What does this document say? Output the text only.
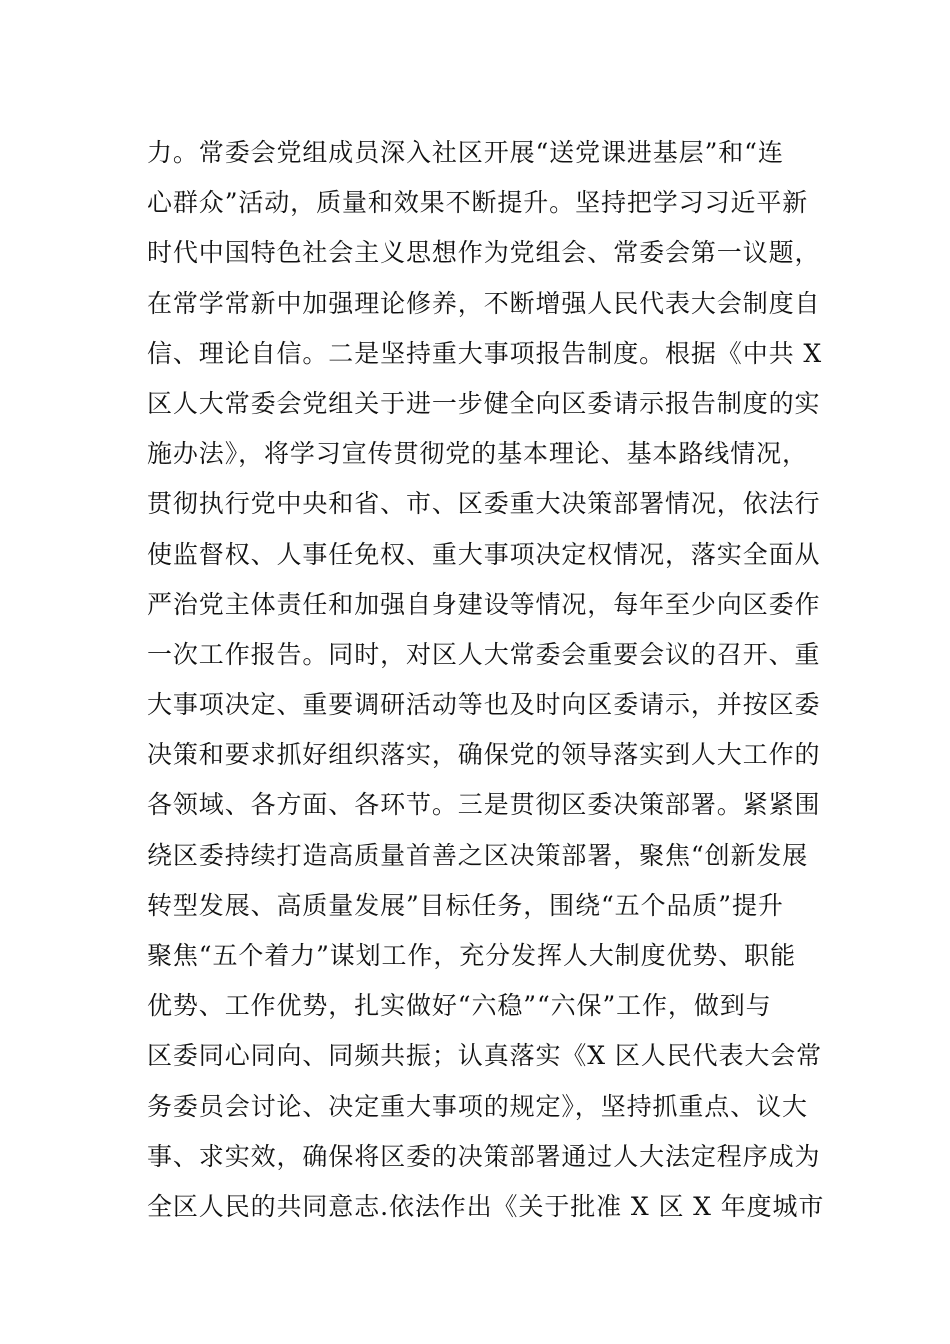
力。常委会党组成员深入社区开展“送党课进基层”和“连
心群众”活动，质量和效果不断提升。坚持把学习习近平新
时代中国特色社会主义思想作为党组会、常委会第一议题，
在常学常新中加强理论修养，不断增强人民代表大会制度自
信、理论自信。二是坚持重大事项报告制度。根据《中共 X
区人大常委会党组关于进一步健全向区委请示报告制度的实
施办法》，将学习宣传贯彻党的基本理论、基本路线情况，
贯彻执行党中央和省、市、区委重大决策部署情况，依法行
使监督权、人事任免权、重大事项决定权情况，落实全面从
严治党主体责任和加强自身建设等情况，每年至少向区委作
一次工作报告。同时，对区人大常委会重要会议的召开、重
大事项决定、重要调研活动等也及时向区委请示，并按区委
决策和要求抓好组织落实，确保党的领导落实到人大工作的
各领域、各方面、各环节。三是贯彻区委决策部署。紧紧围
绕区委持续打造高质量首善之区决策部署，聚焦“创新发展
转型发展、高质量发展”目标任务，围绕“五个品质”提升
聚焦“五个着力”谋划工作，充分发挥人大制度优势、职能
优势、工作优势，扎实做好“六稳”“六保”工作，做到与
区委同心同向、同频共振；认真落实《X 区人民代表大会常
务委员会讨论、决定重大事项的规定》，坚持抓重点、议大
事、求实效，确保将区委的决策部署通过人大法定程序成为
全区人民的共同意志.依法作出《关于批准 X 区 X 年度城市
